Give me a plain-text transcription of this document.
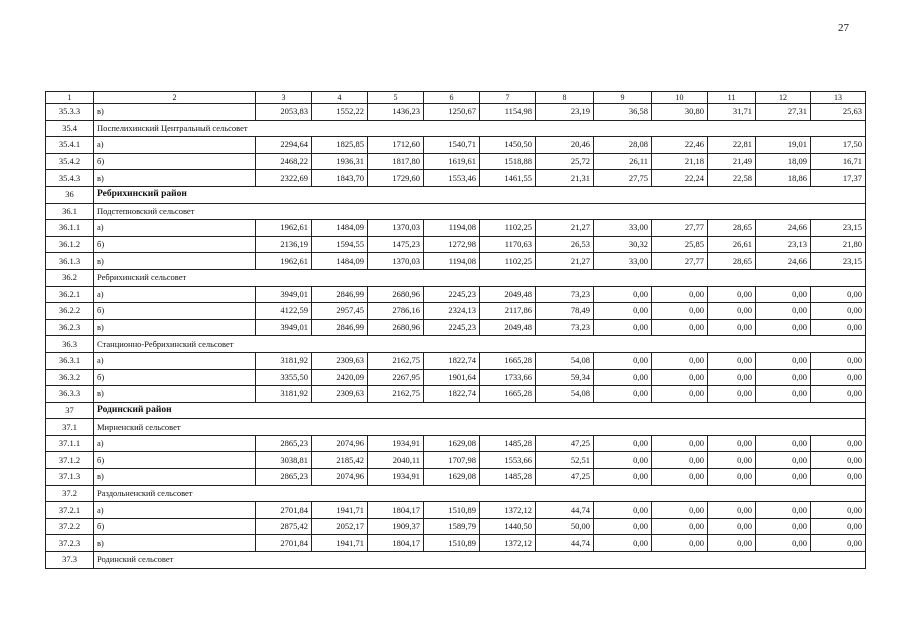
27
1	2	3	4	5	6	7	8	9	10	11	12	13
35.3.3	в)	2053,83	1552,22	1436,23	1250,67	1154,98	23,19	36,58	30,80	31,71	27,31	25,63
35.4	Поспелихинский Центральный сельсовет											
35.4.1	а)	2294,64	1825,85	1712,60	1540,71	1450,50	20,46	28,08	22,46	22,81	19,01	17,50
35.4.2	б)	2468,22	1936,31	1817,80	1619,61	1518,88	25,72	26,11	21,18	21,49	18,09	16,71
35.4.3	в)	2322,69	1843,70	1729,60	1553,46	1461,55	21,31	27,75	22,24	22,58	18,86	17,37
36	Ребрихинский район											
36.1	Подстепновский сельсовет											
36.1.1	а)	1962,61	1484,09	1370,03	1194,08	1102,25	21,27	33,00	27,77	28,65	24,66	23,15
36.1.2	б)	2136,19	1594,55	1475,23	1272,98	1170,63	26,53	30,32	25,85	26,61	23,13	21,80
36.1.3	в)	1962,61	1484,09	1370,03	1194,08	1102,25	21,27	33,00	27,77	28,65	24,66	23,15
36.2	Ребрихинский сельсовет											
36.2.1	а)	3949,01	2846,99	2680,96	2245,23	2049,48	73,23	0,00	0,00	0,00	0,00	0,00
36.2.2	б)	4122,59	2957,45	2786,16	2324,13	2117,86	78,49	0,00	0,00	0,00	0,00	0,00
36.2.3	в)	3949,01	2846,99	2680,96	2245,23	2049,48	73,23	0,00	0,00	0,00	0,00	0,00
36.3	Станционно-Ребрихинский сельсовет											
36.3.1	а)	3181,92	2309,63	2162,75	1822,74	1665,28	54,08	0,00	0,00	0,00	0,00	0,00
36.3.2	б)	3355,50	2420,09	2267,95	1901,64	1733,66	59,34	0,00	0,00	0,00	0,00	0,00
36.3.3	в)	3181,92	2309,63	2162,75	1822,74	1665,28	54,08	0,00	0,00	0,00	0,00	0,00
37	Родинский район											
37.1	Мирненский сельсовет											
37.1.1	а)	2865,23	2074,96	1934,91	1629,08	1485,28	47,25	0,00	0,00	0,00	0,00	0,00
37.1.2	б)	3038,81	2185,42	2040,11	1707,98	1553,66	52,51	0,00	0,00	0,00	0,00	0,00
37.1.3	в)	2865,23	2074,96	1934,91	1629,08	1485,28	47,25	0,00	0,00	0,00	0,00	0,00
37.2	Раздольненский сельсовет											
37.2.1	а)	2701,84	1941,71	1804,17	1510,89	1372,12	44,74	0,00	0,00	0,00	0,00	0,00
37.2.2	б)	2875,42	2052,17	1909,37	1589,79	1440,50	50,00	0,00	0,00	0,00	0,00	0,00
37.2.3	в)	2701,84	1941,71	1804,17	1510,89	1372,12	44,74	0,00	0,00	0,00	0,00	0,00
37.3	Родинский сельсовет											
